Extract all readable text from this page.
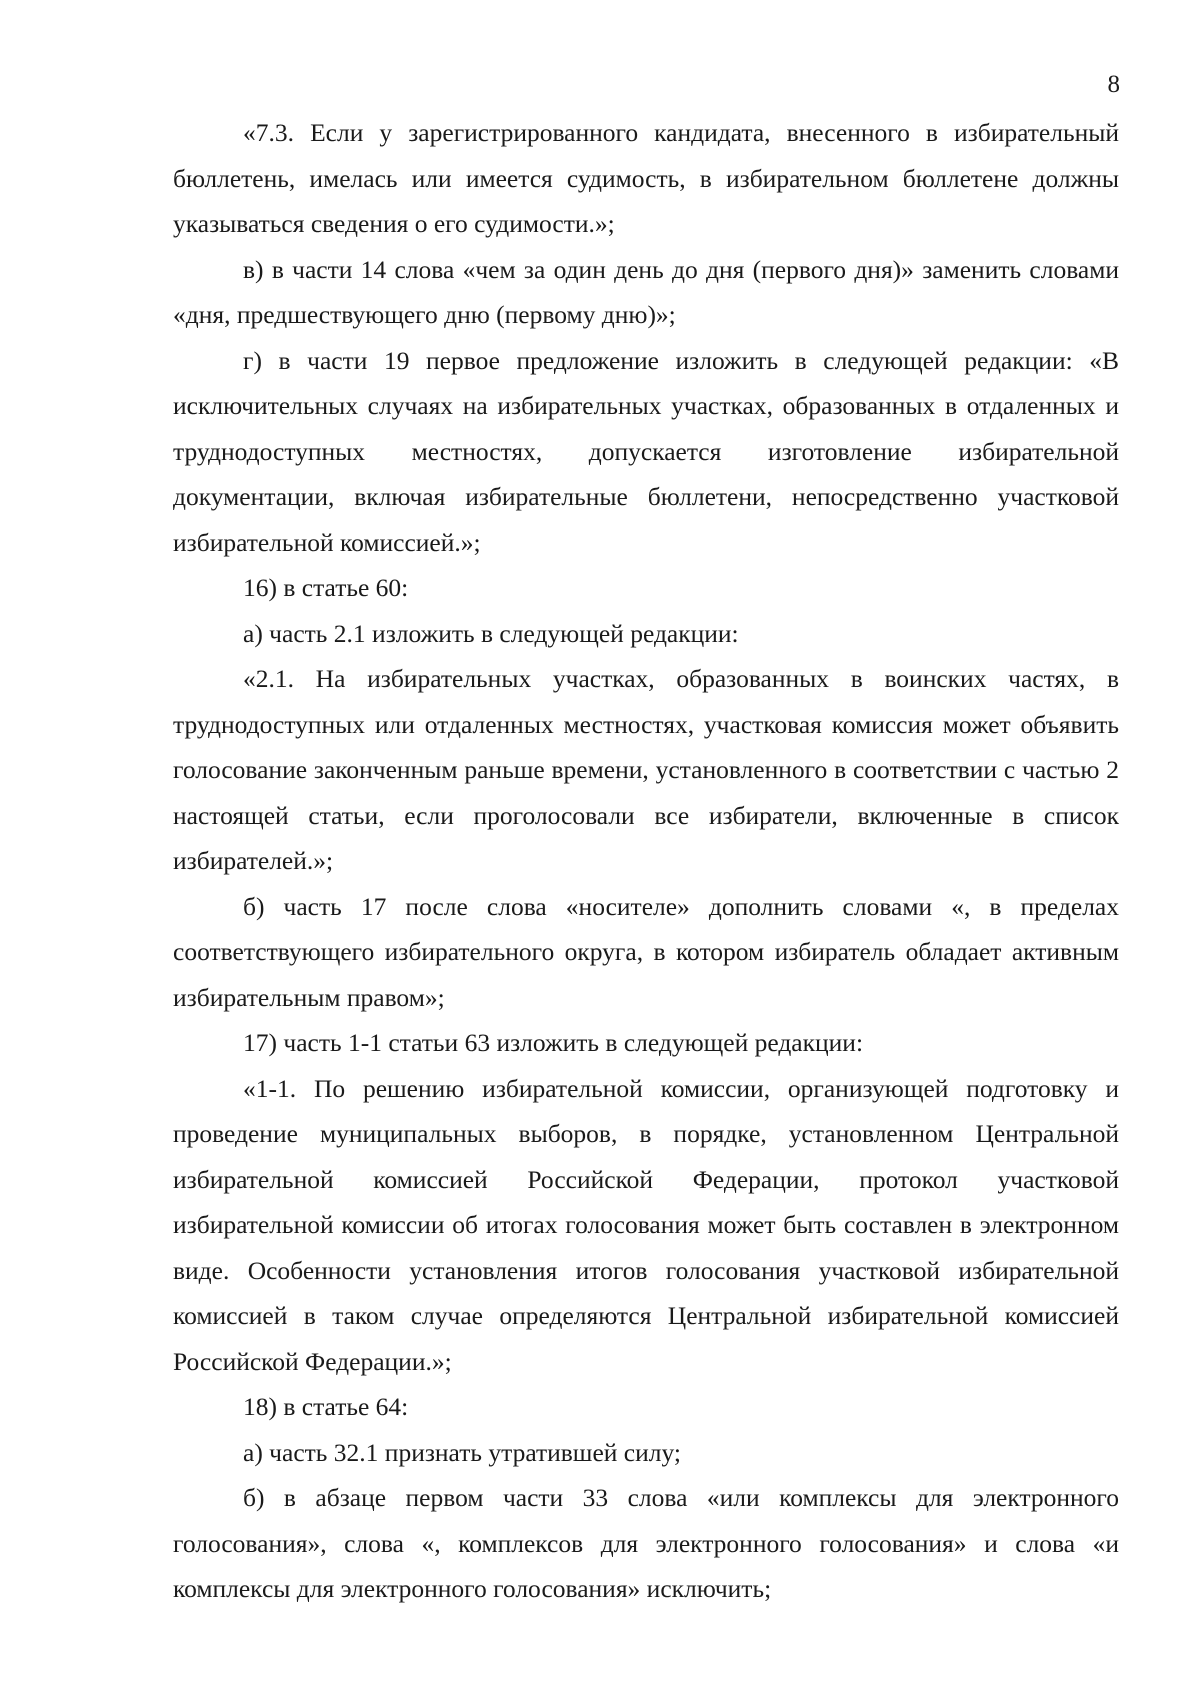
8

«7.3. Если у зарегистрированного кандидата, внесенного в избирательный бюллетень, имелась или имеется судимость, в избирательном бюллетене должны указываться сведения о его судимости.»;

в) в части 14 слова «чем за один день до дня (первого дня)» заменить словами «дня, предшествующего дню (первому дню)»;

г) в части 19 первое предложение изложить в следующей редакции: «В исключительных случаях на избирательных участках, образованных в отдаленных и труднодоступных местностях, допускается изготовление избирательной документации, включая избирательные бюллетени, непосредственно участковой избирательной комиссией.»;

16) в статье 60:

а) часть 2.1 изложить в следующей редакции:

«2.1. На избирательных участках, образованных в воинских частях, в труднодоступных или отдаленных местностях, участковая комиссия может объявить голосование законченным раньше времени, установленного в соответствии с частью 2 настоящей статьи, если проголосовали все избиратели, включенные в список избирателей.»;

б) часть 17 после слова «носителе» дополнить словами «, в пределах соответствующего избирательного округа, в котором избиратель обладает активным избирательным правом»;

17) часть 1-1 статьи 63 изложить в следующей редакции:

«1-1. По решению избирательной комиссии, организующей подготовку и проведение муниципальных выборов, в порядке, установленном Центральной избирательной комиссией Российской Федерации, протокол участковой избирательной комиссии об итогах голосования может быть составлен в электронном виде. Особенности установления итогов голосования участковой избирательной комиссией в таком случае определяются Центральной избирательной комиссией Российской Федерации.»;

18) в статье 64:

а) часть 32.1 признать утратившей силу;

б) в абзаце первом части 33 слова «или комплексы для электронного голосования», слова «, комплексов для электронного голосования» и слова «и комплексы для электронного голосования» исключить;
